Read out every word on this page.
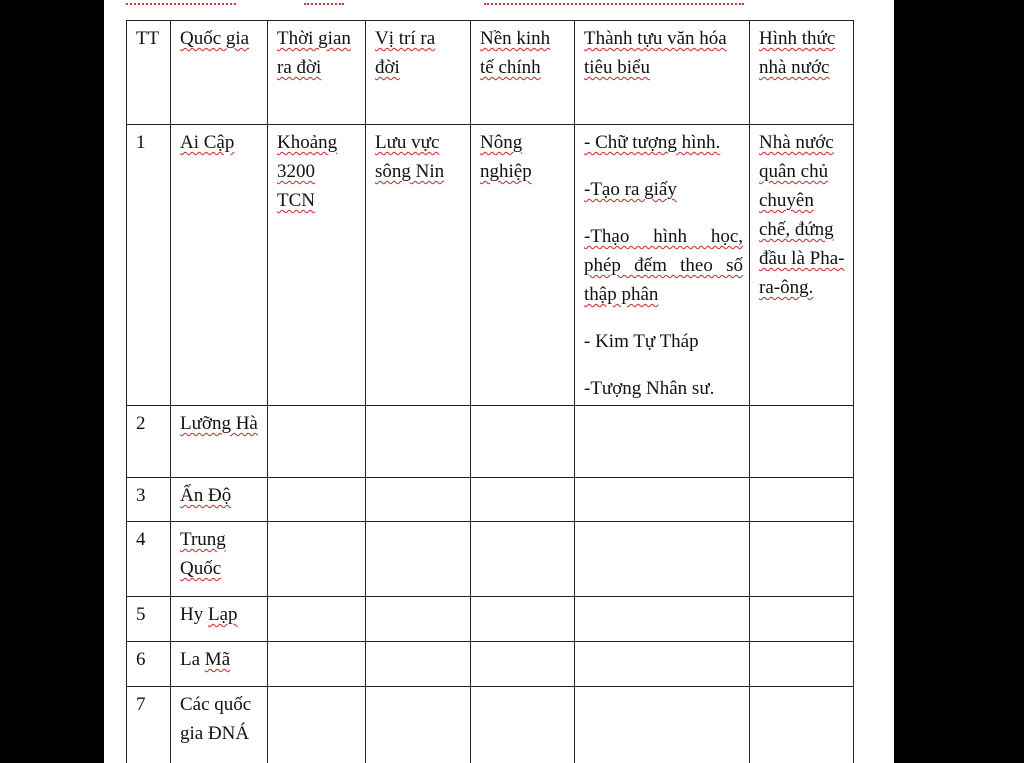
TT	Quốc gia	Thời gian ra đời	Vị trí ra đời	Nền kinh tế chính	Thành tựu văn hóa tiêu biểu	Hình thức nhà nước
1	Ai Cập	Khoảng 3200 TCN	Lưu vực sông Nin	Nông nghiệp	- Chữ tượng hình.
-Tạo ra giấy
-Thạo hình học, phép đếm theo số thập phân
- Kim Tự Tháp
-Tượng Nhân sư.	Nhà nước quân chủ chuyên chế, đứng đầu là Pha-ra-ông.
2	Lưỡng Hà					
3	Ấn Độ					
4	Trung Quốc					
5	Hy Lạp					
6	La Mã					
7	Các quốc gia ĐNÁ					
